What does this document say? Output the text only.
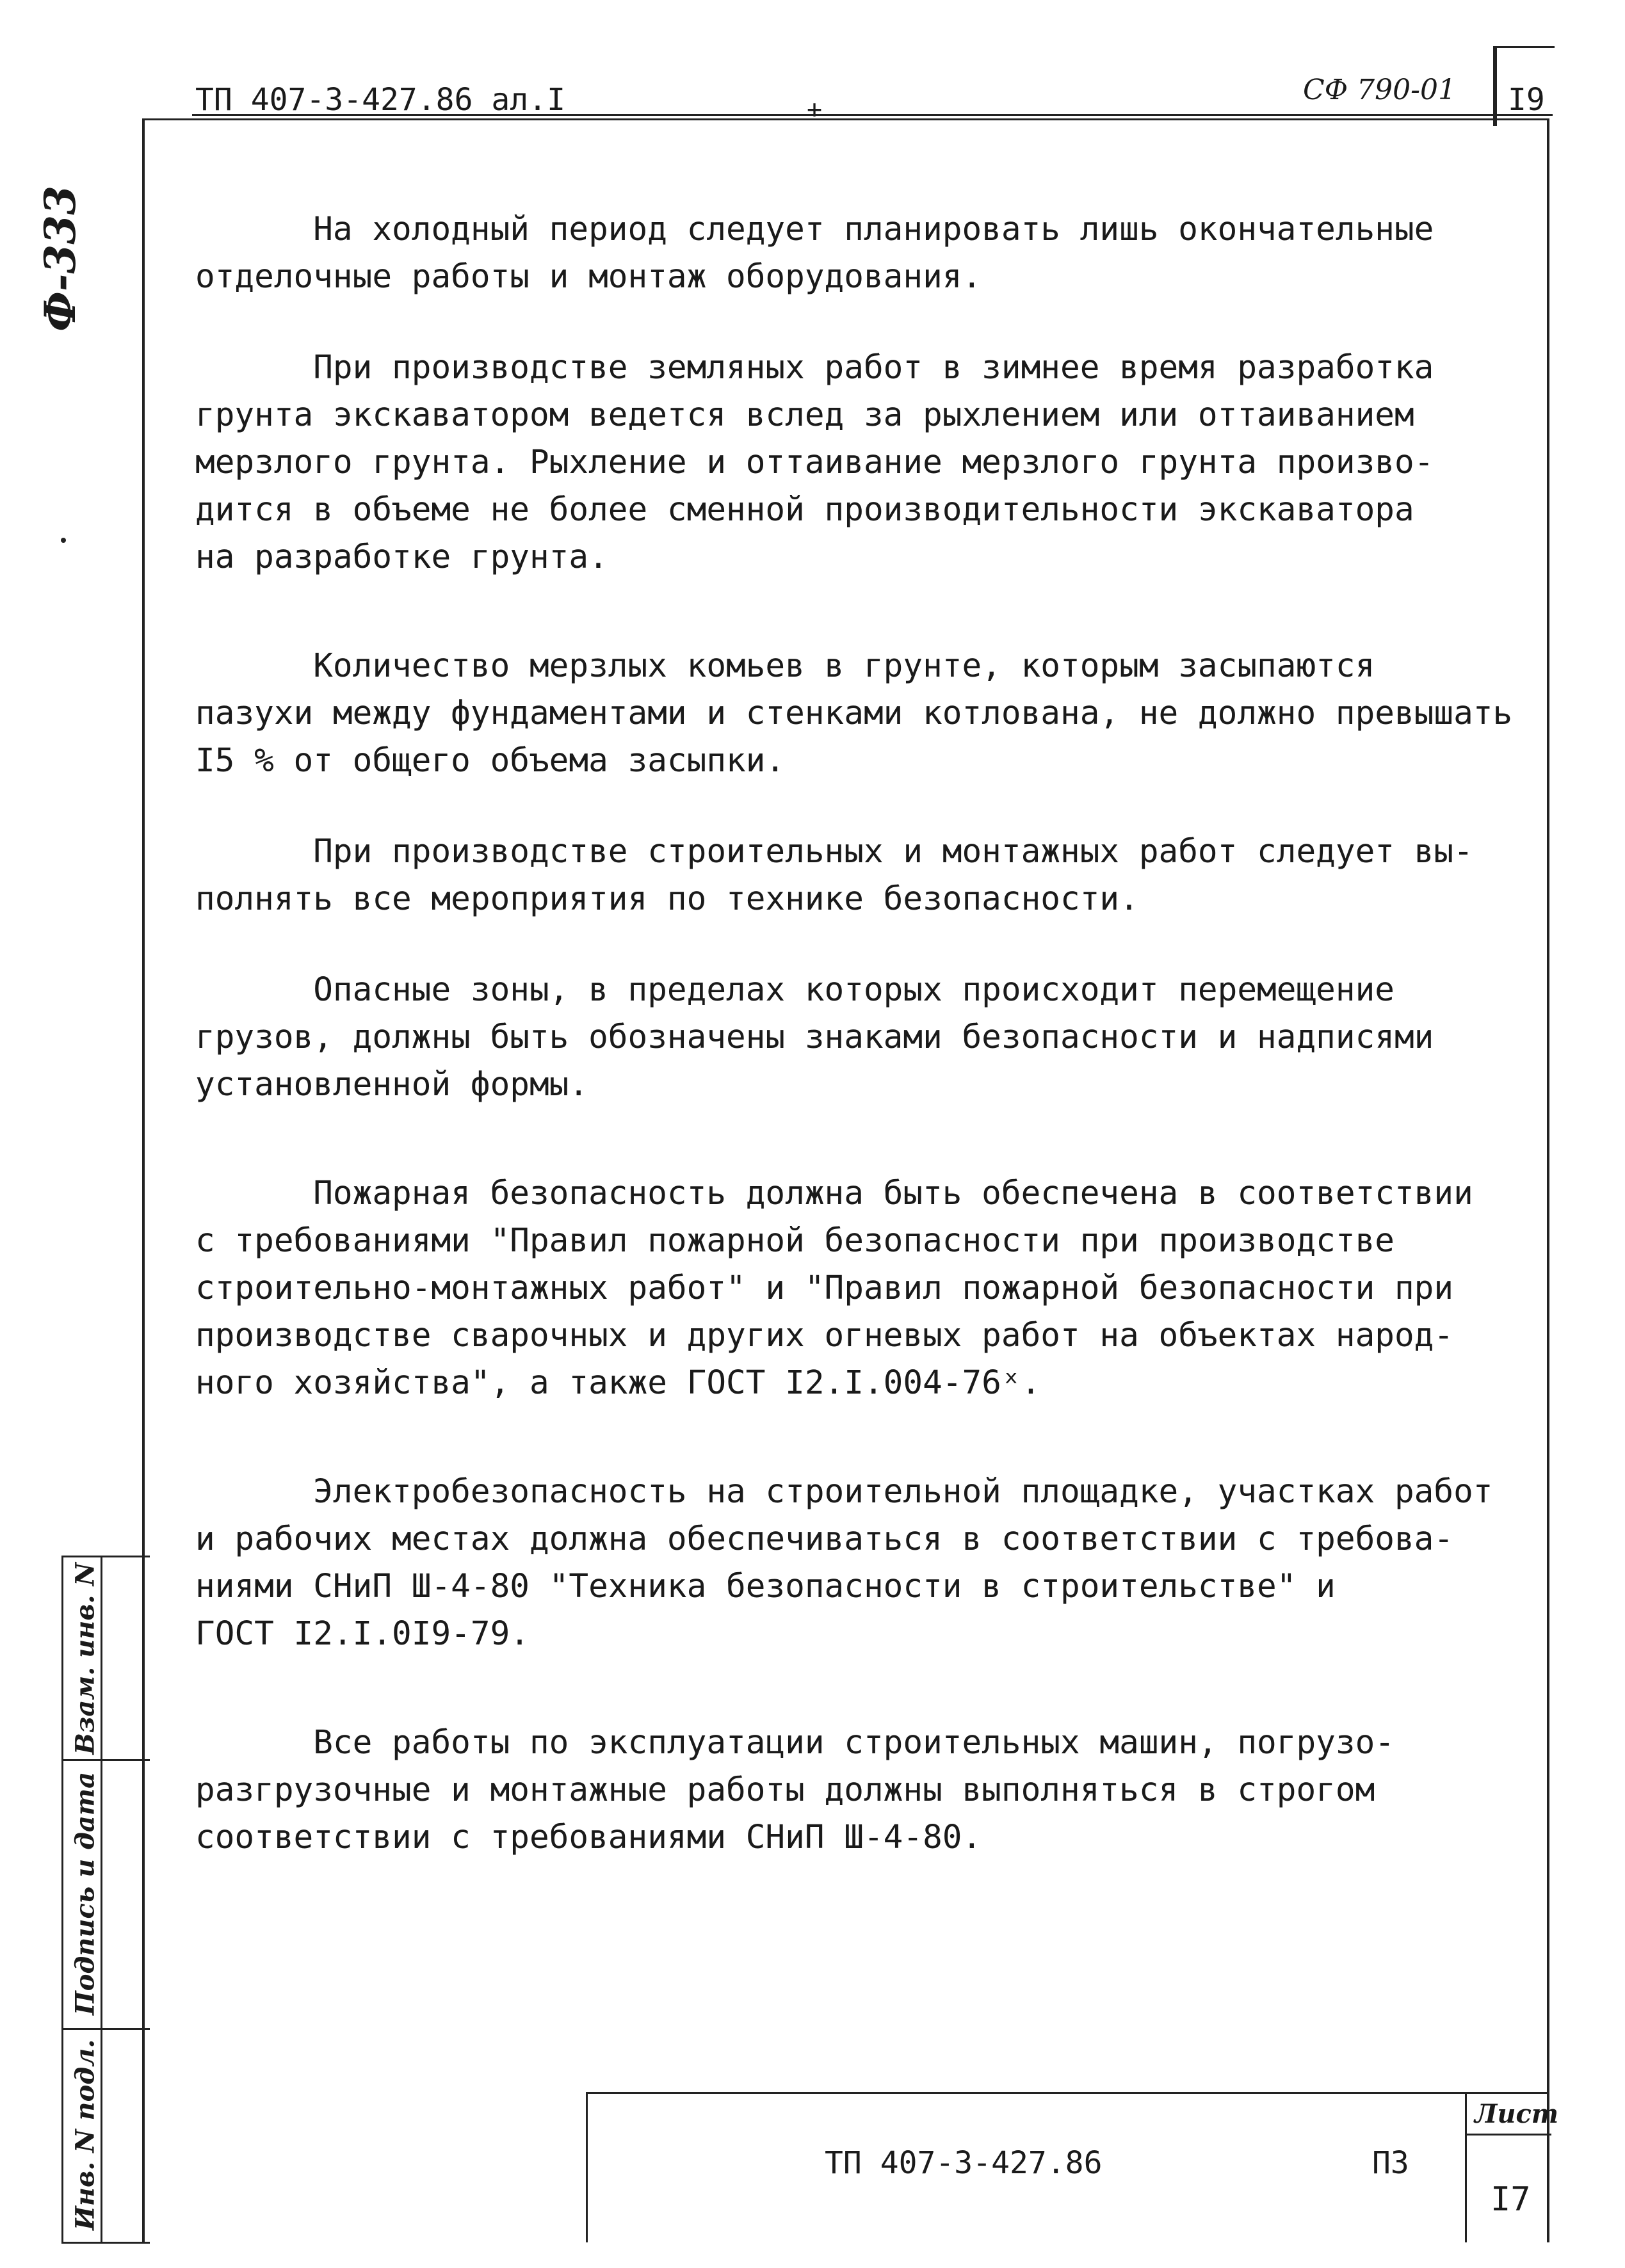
ТП 407-3-427.86 ал.I	+
СФ 790-01 I9
Ф-333	На холодный период следует планировать лишь окончательные
отделочные работы и монтаж оборудования.

При производстве земляных работ в зимнее время разработка
грунта экскаватором ведется вслед за рыхлением или оттаиванием
мерзлого грунта. Рыхление и оттаивание мерзлого грунта произво-
дится в объеме не более сменной производительности экскаватора
на разработке грунта.

Количество мерзлых комьев в грунте, которым засыпаются
пазухи между фундаментами и стенками котлована, не должно превышать
I5 % от общего объема засыпки.

При производстве строительных и монтажных работ следует вы-
полнять все мероприятия по технике безопасности.

Опасные зоны, в пределах которых происходит перемещение
грузов, должны быть обозначены знаками безопасности и надписями
установленной формы.

Пожарная безопасность должна быть обеспечена в соответствии
с требованиями "Правил пожарной безопасности при производстве
строительно-монтажных работ" и "Правил пожарной безопасности при
производстве сварочных и других огневых работ на объектах народ-
ного хозяйства", а также ГОСТ I2.I.004-76ˣ.

Электробезопасность на строительной площадке, участках работ
и рабочих местах должна обеспечиваться в соответствии с требова-
ниями СНиП Ш-4-80 "Техника безопасности в строительстве" и
ГОСТ I2.I.0I9-79.

Все работы по эксплуатации строительных машин, погрузо-
разгрузочные и монтажные работы должны выполняться в строгом
соответствии с требованиями СНиП Ш-4-80.

Взам. инв. N
Подпись и дата
Инв. N подл.	ТП 407-3-427.86	ПЗ
Лист
I7
